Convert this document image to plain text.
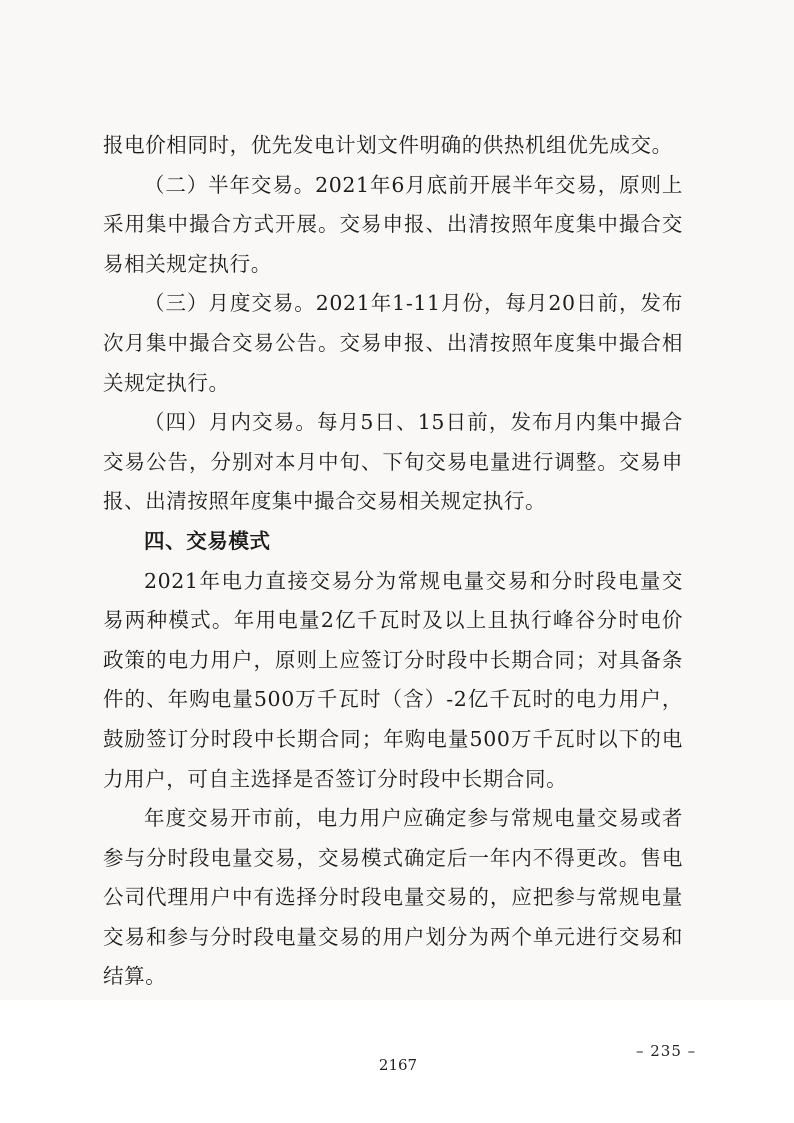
报电价相同时，优先发电计划文件明确的供热机组优先成交。

（二）半年交易。2021年6月底前开展半年交易，原则上采用集中撮合方式开展。交易申报、出清按照年度集中撮合交易相关规定执行。

（三）月度交易。2021年1-11月份，每月20日前，发布次月集中撮合交易公告。交易申报、出清按照年度集中撮合相关规定执行。

（四）月内交易。每月5日、15日前，发布月内集中撮合交易公告，分别对本月中旬、下旬交易电量进行调整。交易申报、出清按照年度集中撮合交易相关规定执行。

四、交易模式

2021年电力直接交易分为常规电量交易和分时段电量交易两种模式。年用电量2亿千瓦时及以上且执行峰谷分时电价政策的电力用户，原则上应签订分时段中长期合同；对具备条件的、年购电量500万千瓦时（含）-2亿千瓦时的电力用户，鼓励签订分时段中长期合同；年购电量500万千瓦时以下的电力用户，可自主选择是否签订分时段中长期合同。

年度交易开市前，电力用户应确定参与常规电量交易或者参与分时段电量交易，交易模式确定后一年内不得更改。售电公司代理用户中有选择分时段电量交易的，应把参与常规电量交易和参与分时段电量交易的用户划分为两个单元进行交易和结算。

– 235 –
2167
